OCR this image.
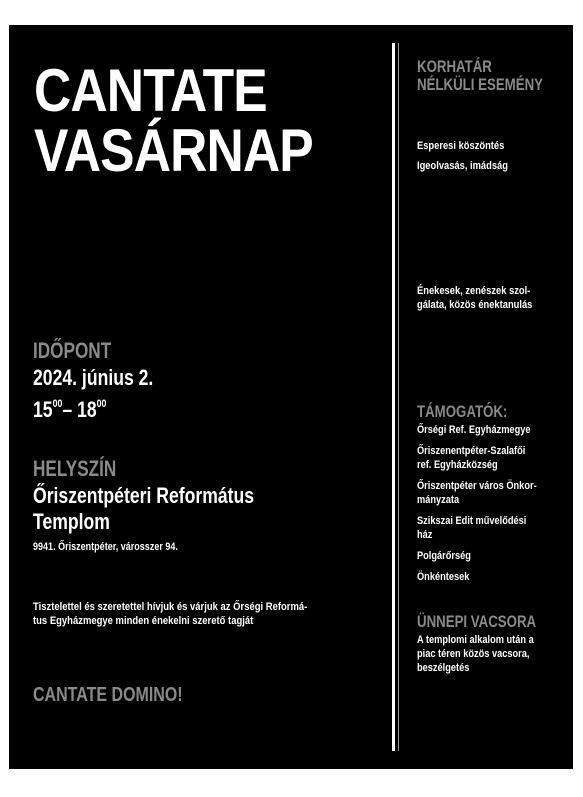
CANTATE
VASÁRNAP
IDŐPONT
2024. június 2.
$15^{00}-$ $18^{00}$
HELYSZÍN
Őriszentpéteri Református
Templom
9941. Őriszentpéter, városszer 94.
Tisztelettel és szeretettel hívjuk és várjuk az Őrségi Reformá-
tus Egyházmegye minden énekelni szerető tagját
CANTATE DOMINO!
KORHATÁR
NÉLKÜLI ESEMÉNY
Esperesi köszöntés
Igeolvasás, imádság
Énekesek, zenészek szol-
gálata, közös énektanulás
TÁMOGATÓK:
Őrségi Ref. Egyházmegye
Őriszenentpéter-Szalafői
ref. Egyházközség
Őriszentpéter város Önkor-
mányzata
Szikszai Edit művelődési
ház
Polgárőrség
Önkéntesek
ÜNNEPI VACSORA
A templomi alkalom után a
piac téren közös vacsora,
beszélgetés
